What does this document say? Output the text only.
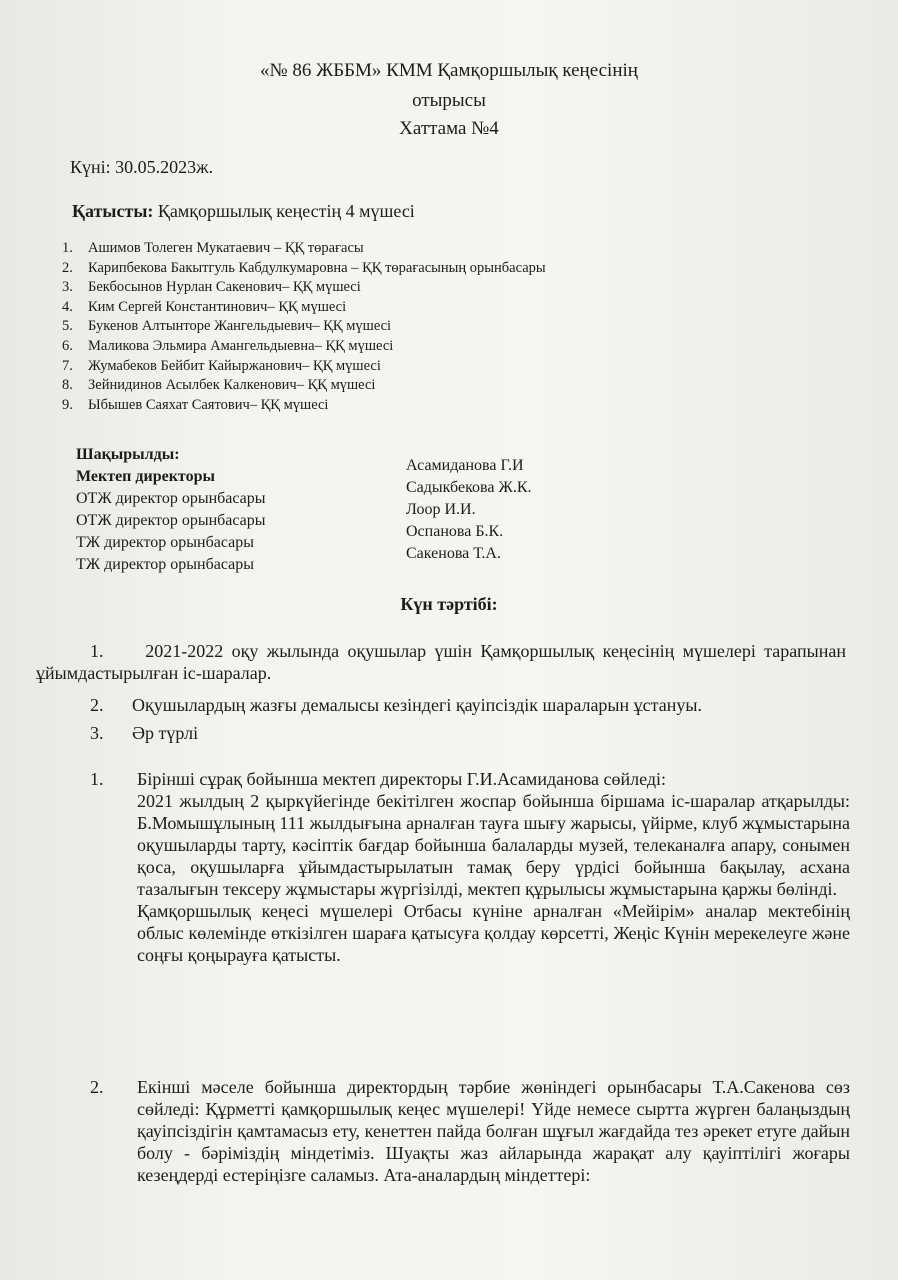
«№ 86 ЖББМ» КММ Қамқоршылық кеңесінің
отырысы
Хаттама №4
Күні: 30.05.2023ж.
Қатысты: Қамқоршылық кеңестің 4 мүшесі
1. Ашимов Толеген Мукатаевич – ҚҚ төрағасы
2. Карипбекова Бакытгуль Кабдулкумаровна – ҚҚ төрағасының орынбасары
3. Бекбосынов Нурлан Сакенович– ҚҚ мүшесі
4. Ким Сергей Константинович– ҚҚ мүшесі
5. Букенов Алтынторе Жангельдыевич– ҚҚ мүшесі
6. Маликова Эльмира Амангельдыевна– ҚҚ мүшесі
7. Жумабеков Бейбит Кайыржанович– ҚҚ мүшесі
8. Зейнидинов Асылбек Калкенович– ҚҚ мүшесі
9. Ыбышев Саяхат Саятович– ҚҚ мүшесі
Шақырылды:
Мектеп директоры
ОТЖ директор орынбасары
ОТЖ директор орынбасары
ТЖ директор орынбасары
ТЖ директор орынбасары
Асамиданова Г.И
Садыкбекова Ж.К.
Лоор И.И.
Оспанова Б.К.
Сакенова Т.А.
Күн тәртібі:
1. 2021-2022 оқу жылында оқушылар үшін Қамқоршылық кеңесінің мүшелері тарапынан ұйымдастырылған іс-шаралар.
2. Оқушылардың жазғы демалысы кезіндегі қауіпсіздік шараларын ұстануы.
3. Әр түрлі
1. Бірінші сұрақ бойынша мектеп директоры Г.И.Асамиданова сөйледі:
2021 жылдың 2 қыркүйегінде бекітілген жоспар бойынша біршама іс-шаралар атқарылды: Б.Момышұлының 111 жылдығына арналған тауға шығу жарысы, үйірме, клуб жұмыстарына оқушыларды тарту, кәсіптік бағдар бойынша балаларды музей, телеканалға апару, сонымен қоса, оқушыларға ұйымдастырылатын тамақ беру үрдісі бойынша бақылау, асхана тазалығын тексеру жұмыстары жүргізілді, мектеп құрылысы жұмыстарына қаржы бөлінді.
Қамқоршылық кеңесі мүшелері Отбасы күніне арналған «Мейірім» аналар мектебінің облыс көлемінде өткізілген шараға қатысуға қолдау көрсетті, Жеңіс Күнін мерекелеуге және соңғы қоңырауға қатысты.
2.	Екінші мәселе бойынша директордың тәрбие жөніндегі орынбасары Т.А.Сакенова сөз сөйледі: Құрметті қамқоршылық кеңес мүшелері! Үйде немесе сыртта жүрген балаңыздың қауіпсіздігін қамтамасыз ету, кенеттен пайда болған шұғыл жағдайда тез әрекет етуге дайын болу - бәріміздің міндетіміз. Шуақты жаз айларында жарақат алу қауіптілігі жоғары кезеңдерді естеріңізге саламыз. Ата-аналардың міндеттері:
